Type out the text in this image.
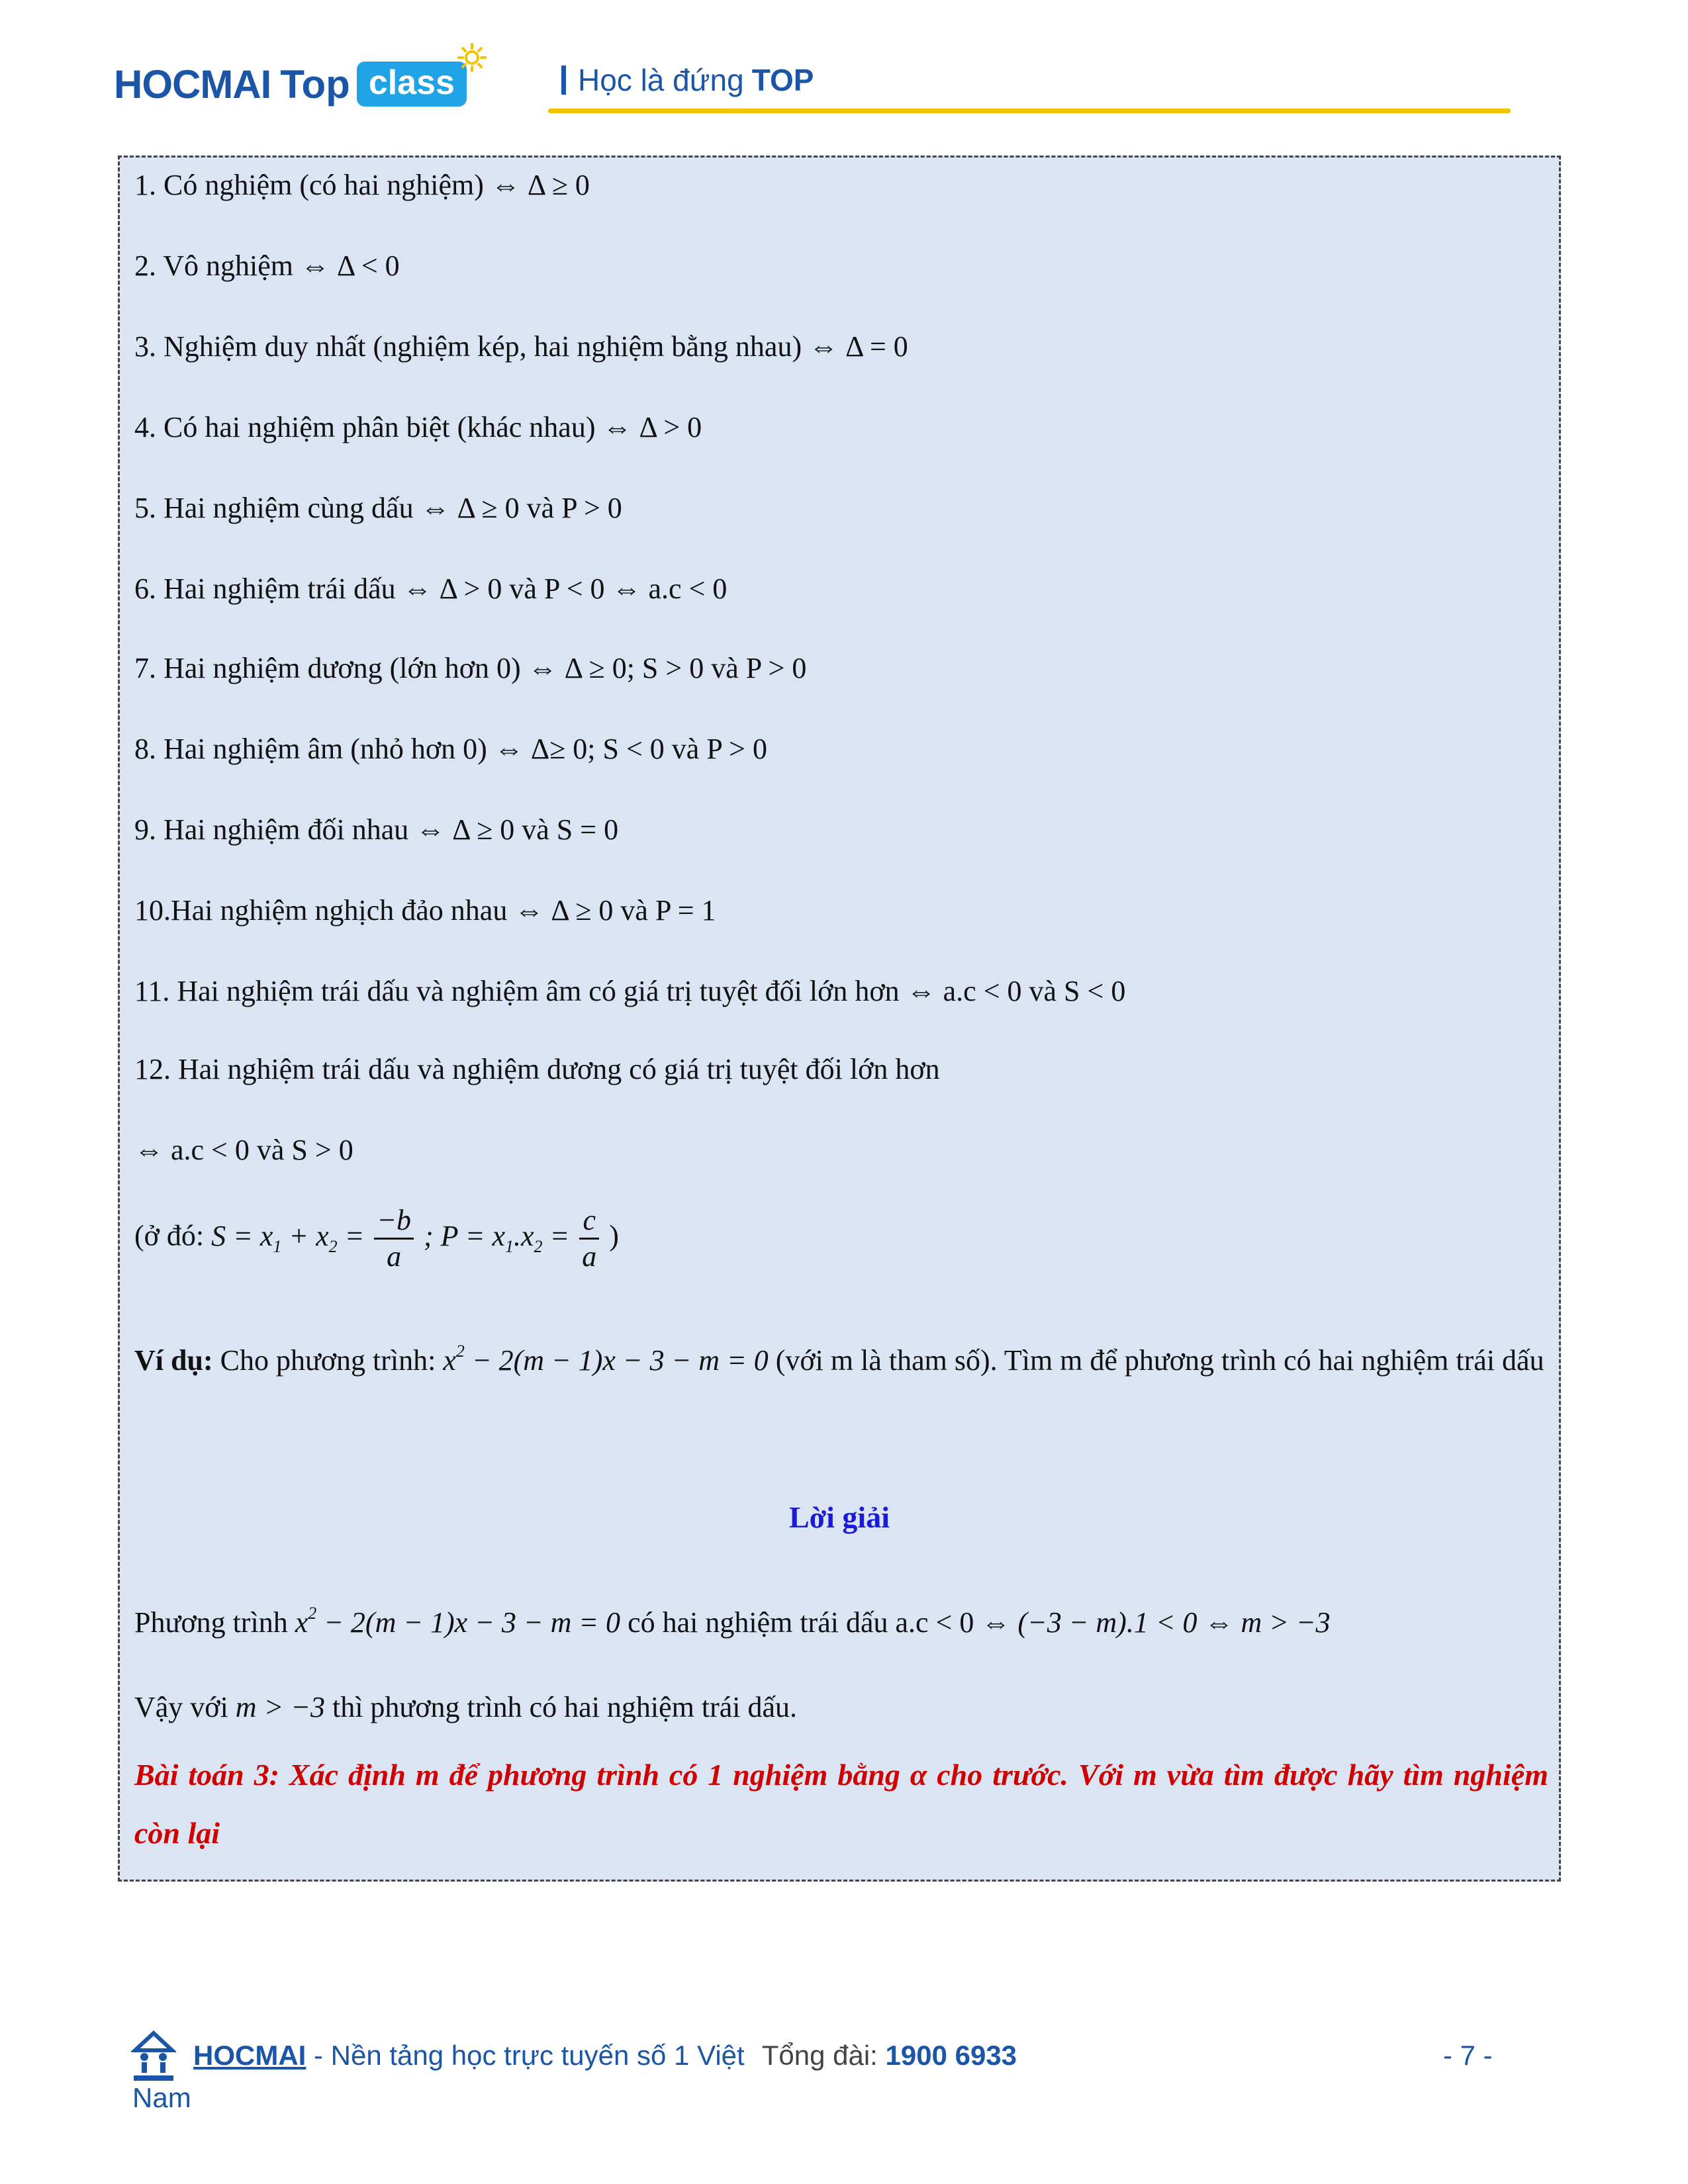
HOCMAI Top class	Học là đứng TOP
1. Có nghiệm (có hai nghiệm) ⇔ Δ ≥ 0
2. Vô nghiệm ⇔ Δ < 0
3. Nghiệm duy nhất (nghiệm kép, hai nghiệm bằng nhau) ⇔ Δ = 0
4. Có hai nghiệm phân biệt (khác nhau) ⇔ Δ > 0
5. Hai nghiệm cùng dấu ⇔ Δ ≥ 0 và P > 0
6. Hai nghiệm trái dấu ⇔ Δ > 0 và P < 0 ⇔ a.c < 0
7. Hai nghiệm dương (lớn hơn 0) ⇔ Δ ≥ 0; S > 0 và P > 0
8. Hai nghiệm âm (nhỏ hơn 0) ⇔ Δ≥ 0; S < 0 và P > 0
9. Hai nghiệm đối nhau ⇔ Δ ≥ 0 và S = 0
10.Hai nghiệm nghịch đảo nhau ⇔ Δ ≥ 0 và P = 1
11. Hai nghiệm trái dấu và nghiệm âm có giá trị tuyệt đối lớn hơn ⇔ a.c < 0 và S < 0
12. Hai nghiệm trái dấu và nghiệm dương có giá trị tuyệt đối lớn hơn
⇔ a.c < 0 và S > 0
(ở đó: $S = x_1 + x_2 = \frac{-b}{a}$ ; $P = x_1.x_2 = \frac{c}{a}$ )
Ví dụ: Cho phương trình: $x^2 - 2(m - 1)x - 3 - m = 0$ (với m là tham số). Tìm m để phương trình có hai nghiệm trái dấu
Lời giải
Phương trình $x^2 - 2(m - 1)x - 3 - m = 0$ có hai nghiệm trái dấu a.c < 0 ⇔ (−3 − m).1 < 0 ⇔ m > −3
Vậy với m > −3 thì phương trình có hai nghiệm trái dấu.
Bài toán 3: Xác định m để phương trình có 1 nghiệm bằng α cho trước. Với m vừa tìm được hãy tìm nghiệm còn lại
HOCMAI - Nền tảng học trực tuyến số 1 Việt Tổng đài: 1900 6933
Nam
- 7 -
